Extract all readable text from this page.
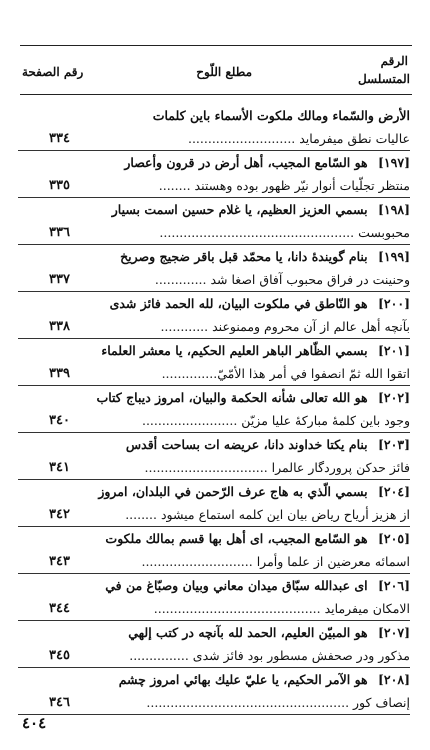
الرقم
المتسلسل
مطلع اللّوح
رقم الصفحة
الأرض والسّماء ومالك ملكوت الأسماء باين كلمات
عاليات نطق ميفرمايد ...........................
٣٣٤
[١٩٧] هو السّامع المجيب، أهل أرض در قرون وأعصار
منتظر تجلّيات أنوار نيّر ظهور بوده وهستند ........
٣٣٥
[١٩٨] بسمي العزيز العظيم، يا غلام حسين اسمت بسيار
محبوبست .................................................
٣٣٦
[١٩٩] بنام گوينده‌ٔ دانا، يا محمّد قبل باقر ضجيج وصريخ
وحنينت در فراق محبوب آفاق اصغا شد .............
٣٣٧
[٢٠٠] هو النّاطق في ملكوت البيان، لله الحمد فائز شدى
بآنچه أهل عالم از آن محروم وممنوعند ............
٣٣٨
[٢٠١] بسمي الظّاهر الباهر العليم الحكيم، يا معشر العلماء
اتقوا الله ثمّ انصفوا في أمر هذا الأمّيّ..............
٣٣٩
[٢٠٢] هو الله تعالى شأنه الحكمة والبيان، امروز ديباج كتاب
وجود باين كلمهٔ مباركهٔ عليا مزيّن ........................
٣٤٠
[٢٠٣] بنام يكتا خداوند دانا، عريضه ات بساحت أقدس
فائز حدكن پروردگار عالمرا ...............................
٣٤١
[٢٠٤] بسمي الّذي به هاج عرف الرّحمن في البلدان، امروز
از هزيز أرياح رياض بيان اين كلمه استماع ميشود ........
٣٤٢
[٢٠٥] هو السّامع المجيب، اى أهل بها قسم بمالك ملكوت
اسمائه معرضين از علما وأمرا ............................
٣٤٣
[٢٠٦] اى عبدالله سبّاق ميدان معاني وبيان وصبّاغ من في
الامكان ميفرمايد ..........................................
٣٤٤
[٢٠٧] هو المبيّن العليم، الحمد لله بآنچه در كتب إلهي
مذكور ودر صحفش مسطور بود فائز شدى ...............
٣٤٥
[٢٠٨] هو الآمر الحكيم، يا عليّ عليك بهائي امروز چشم
إنصاف كور ...................................................
٣٤٦
٤٠٤
